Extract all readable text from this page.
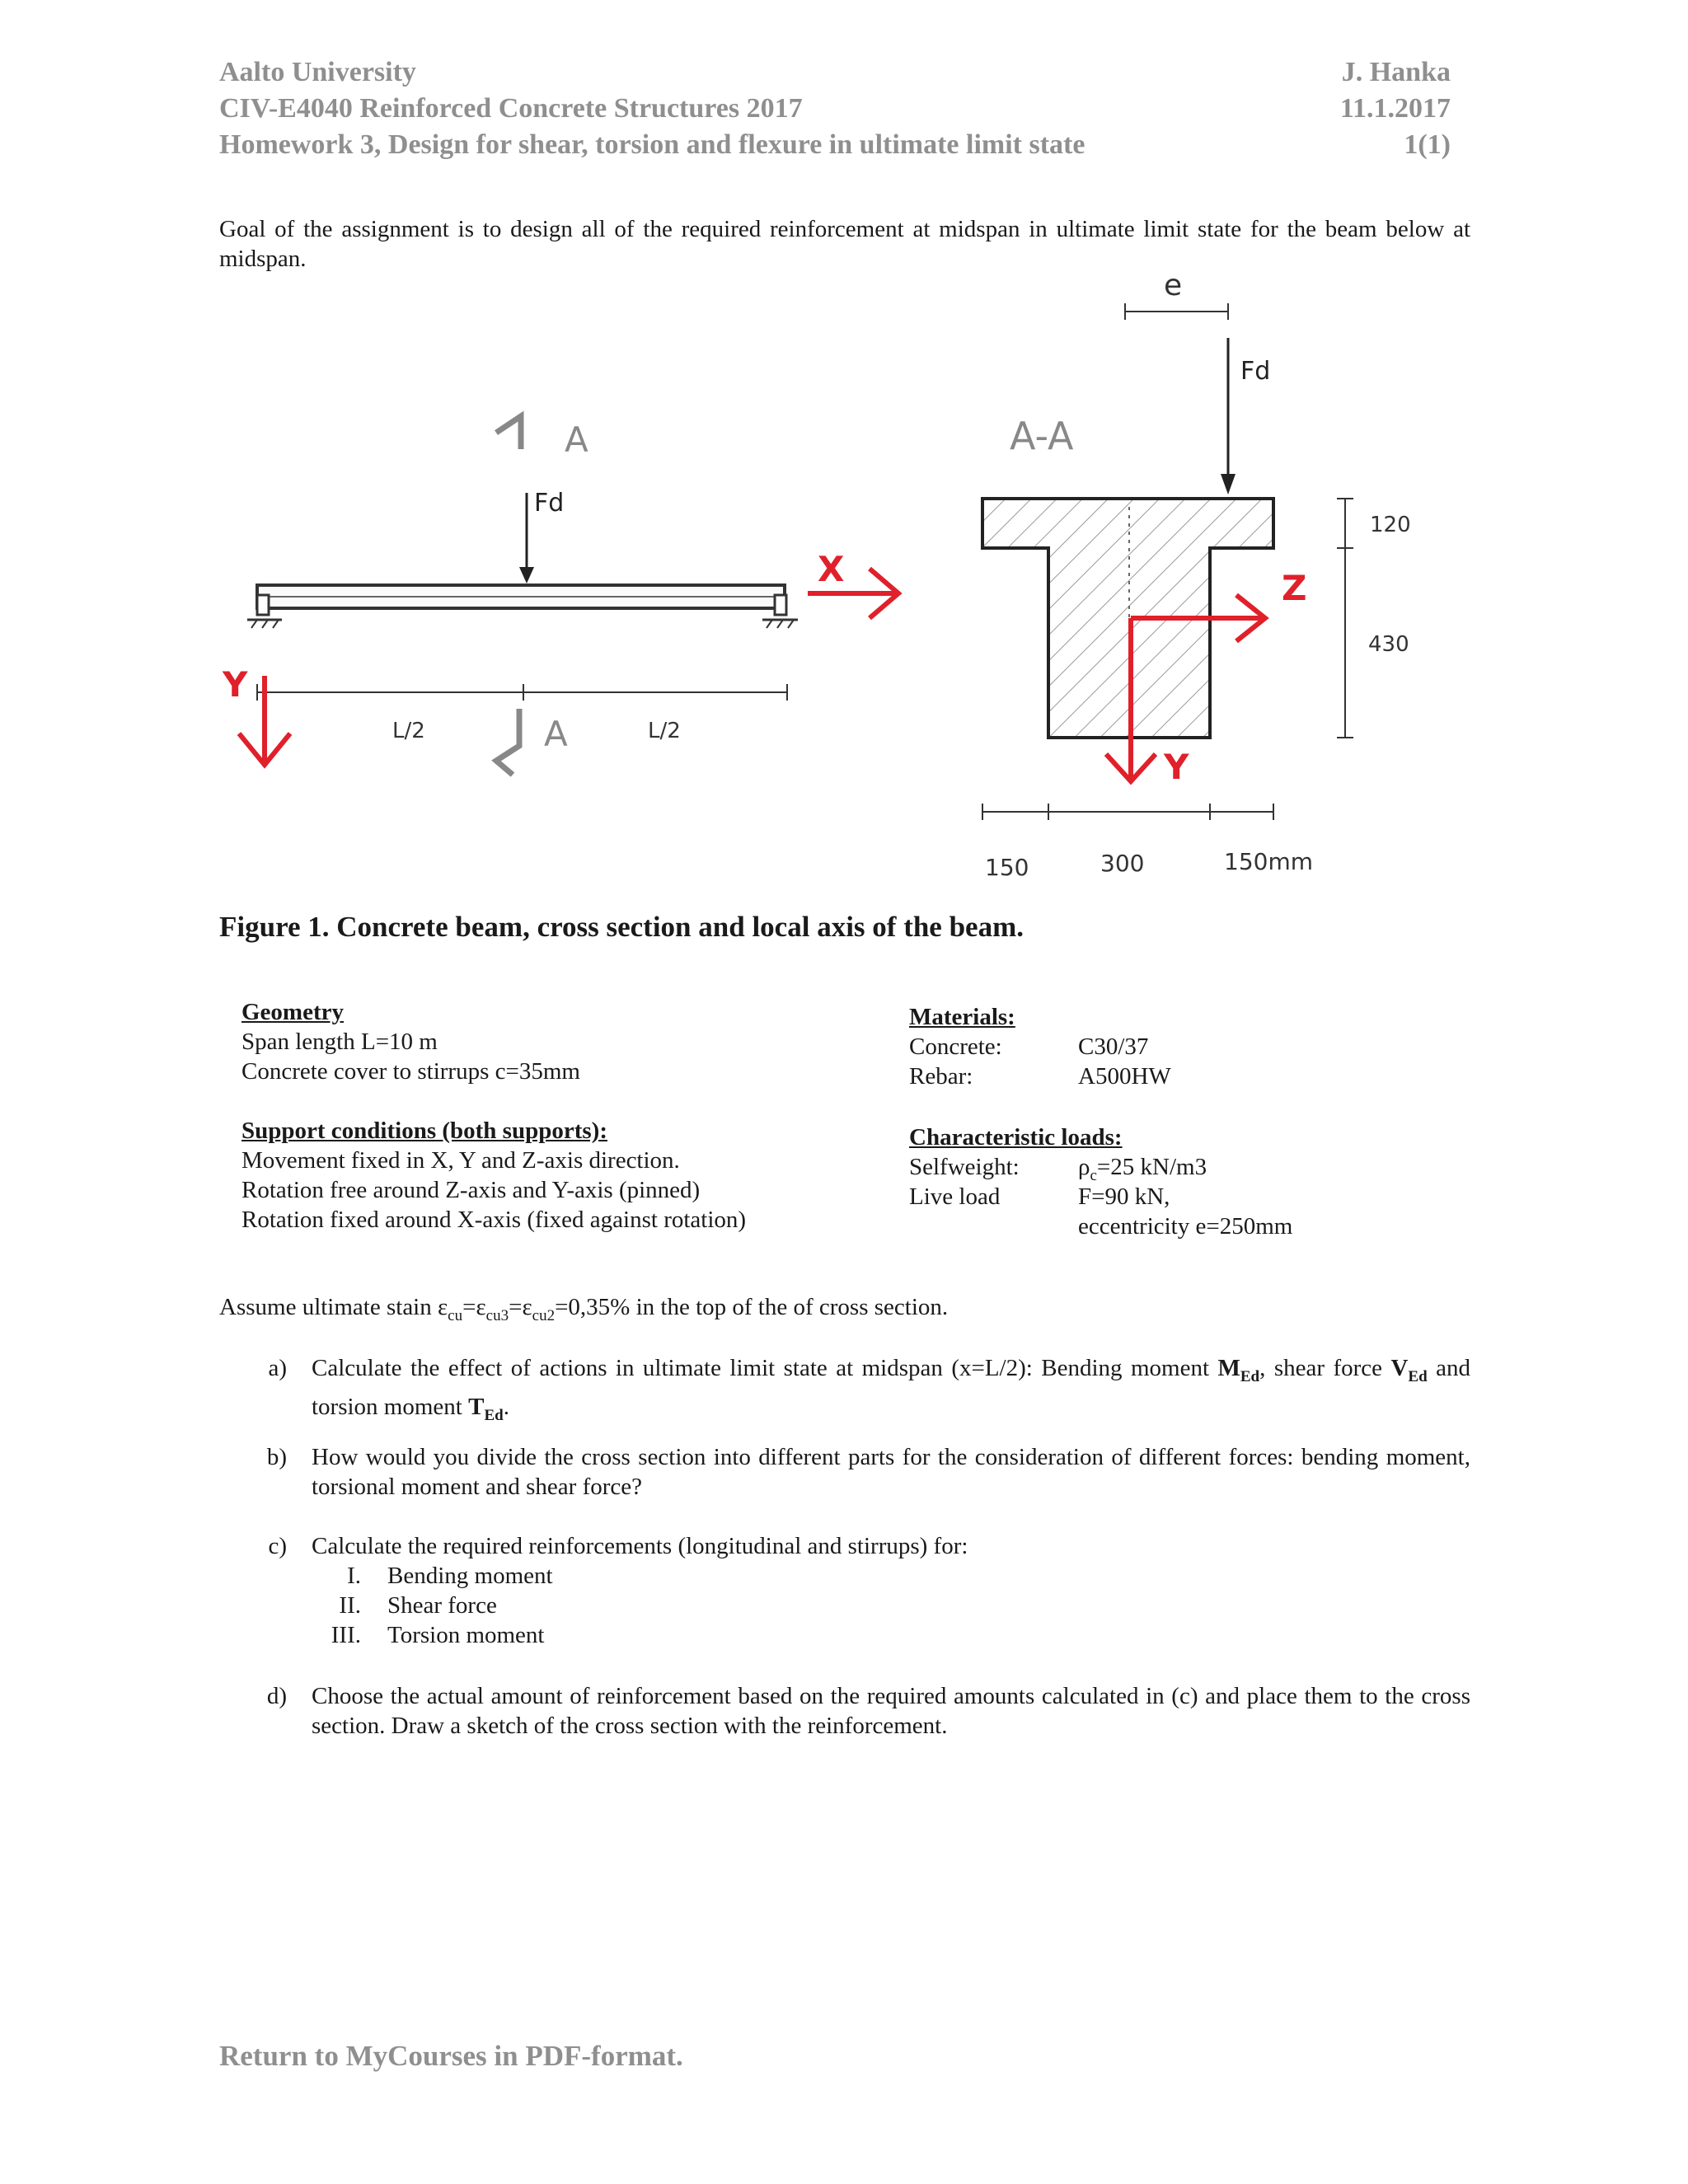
Aalto University
CIV-E4040 Reinforced Concrete Structures 2017
Homework 3, Design for shear, torsion and flexure in ultimate limit state
J. Hanka
11.1.2017
1(1)
Goal of the assignment is to design all of the required reinforcement at midspan in ultimate limit state for the beam below at midspan.
Fd
A
A
L/2	L/2
Y
X
A-A
Fd
e
Y
Z
120
430
150	300	150mm
Figure 1. Concrete beam, cross section and local axis of the beam.
Geometry
Span length L=10 m
Concrete cover to stirrups c=35mm
Support conditions (both supports):
Movement fixed in X, Y and Z-axis direction.
Rotation free around Z-axis and Y-axis (pinned)
Rotation fixed around X-axis (fixed against rotation)
Materials:
Concrete:	C30/37
Rebar:	A500HW
Characteristic loads:
Selfweight: $\rho_c=25$ kN/m3
Live load	F=90 kN,
eccentricity e=250mm
Assume ultimate stain $\varepsilon_{cu}=\varepsilon_{cu3}=\varepsilon_{cu2}=0,35\%$ in the top of the of cross section.
a) Calculate the effect of actions in ultimate limit state at midspan (x=L/2): Bending moment $M_{Ed}$, shear force $V_{Ed}$ and torsion moment $T_{Ed}$.
b) How would you divide the cross section into different parts for the consideration of different forces: bending moment, torsional moment and shear force?
c) Calculate the required reinforcements (longitudinal and stirrups) for:
I. Bending moment
II. Shear force
III. Torsion moment
d) Choose the actual amount of reinforcement based on the required amounts calculated in (c) and place them to the cross section. Draw a sketch of the cross section with the reinforcement.
Return to MyCourses in PDF-format.
